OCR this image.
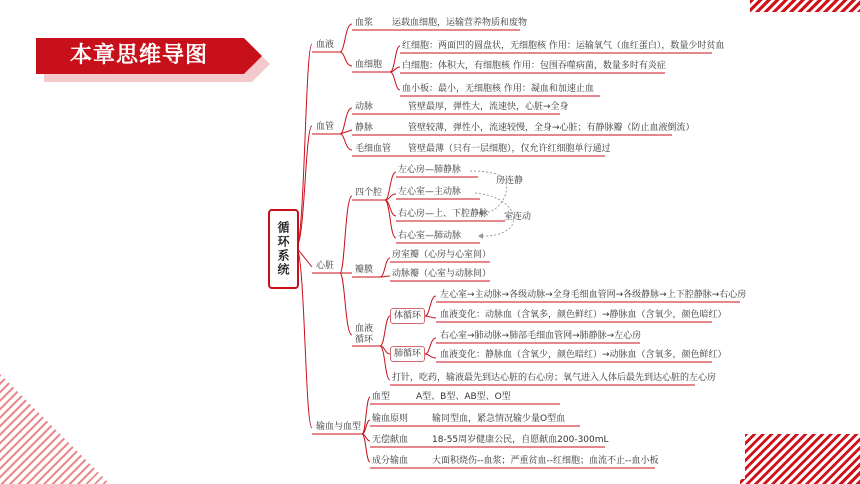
本章思维导图
循环系统
血液
血浆 运载血细胞，运输营养物质和废物
血细胞
红细胞：两面凹的圆盘状，无细胞核 作用：运输氧气（血红蛋白），数量少时贫血
白细胞：体积大，有细胞核 作用：包围吞噬病菌，数量多时有炎症
血小板：最小，无细胞核 作用：凝血和加速止血
血管
动脉	管壁最厚，弹性大，流速快，心脏→全身
静脉	管壁较薄，弹性小，流速较慢，全身→心脏；有静脉瓣（防止血液倒流）
毛细血管 管壁最薄（只有一层细胞），仅允许红细胞单行通过
心脏
四个腔
左心房—肺静脉
左心室—主动脉
右心房—上、下腔静脉
右心室—肺动脉
房连静
室连动
瓣膜
房室瓣（心房与心室间）
动脉瓣（心室与动脉间）
血液循环
体循环
左心室→主动脉→各级动脉→全身毛细血管网→各级静脉→上下腔静脉→右心房
血液变化：动脉血（含氧多，颜色鲜红）→静脉血（含氧少，颜色暗红）
肺循环
右心室→肺动脉→肺部毛细血管网→肺静脉→左心房
血液变化：静脉血（含氧少，颜色暗红）→动脉血（含氧多，颜色鲜红）
打针，吃药，输液最先到达心脏的右心房；氧气进入人体后最先到达心脏的左心房
输血与血型
血型	A型、B型、AB型、O型
输血原则	输同型血，紧急情况输少量O型血
无偿献血	18-55周岁健康公民，自愿献血200-300mL
成分输血	大面积烧伤--血浆；严重贫血--红细胞；血流不止--血小板
